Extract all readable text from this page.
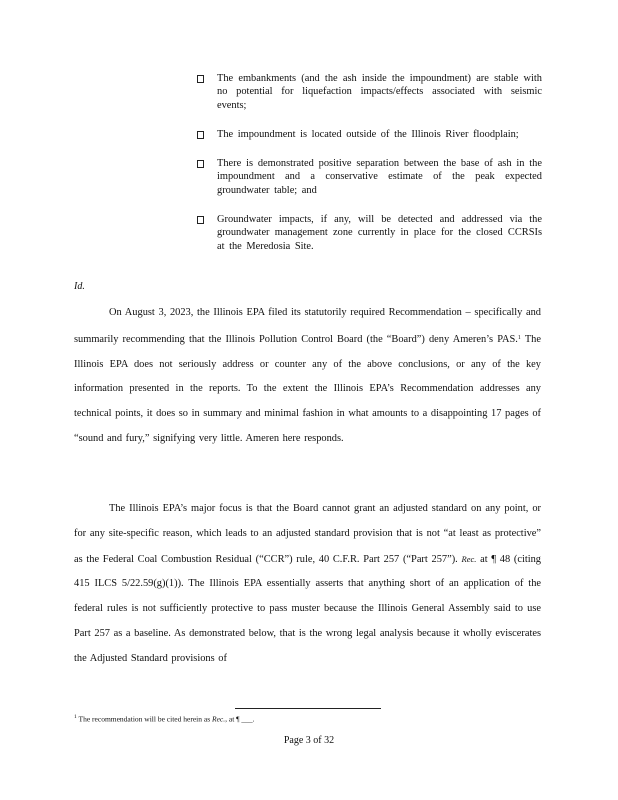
The embankments (and the ash inside the impoundment) are stable with no potential for liquefaction impacts/effects associated with seismic events;
The impoundment is located outside of the Illinois River floodplain;
There is demonstrated positive separation between the base of ash in the impoundment and a conservative estimate of the peak expected groundwater table; and
Groundwater impacts, if any, will be detected and addressed via the groundwater management zone currently in place for the closed CCRSIs at the Meredosia Site.
Id.
On August 3, 2023, the Illinois EPA filed its statutorily required Recommendation – specifically and summarily recommending that the Illinois Pollution Control Board (the “Board”) deny Ameren’s PAS.$^1$ The Illinois EPA does not seriously address or counter any of the above conclusions, or any of the key information presented in the reports. To the extent the Illinois EPA’s Recommendation addresses any technical points, it does so in summary and minimal fashion in what amounts to a disappointing 17 pages of “sound and fury,” signifying very little. Ameren here responds.
The Illinois EPA’s major focus is that the Board cannot grant an adjusted standard on any point, or for any site-specific reason, which leads to an adjusted standard provision that is not “at least as protective” as the Federal Coal Combustion Residual (“CCR”) rule, 40 C.F.R. Part 257 (“Part 257”). Rec. at ¶ 48 (citing 415 ILCS 5/22.59(g)(1)). The Illinois EPA essentially asserts that anything short of an application of the federal rules is not sufficiently protective to pass muster because the Illinois General Assembly said to use Part 257 as a baseline. As demonstrated below, that is the wrong legal analysis because it wholly eviscerates the Adjusted Standard provisions of
$^1$ The recommendation will be cited herein as Rec., at ¶ ___.
Page 3 of 32
